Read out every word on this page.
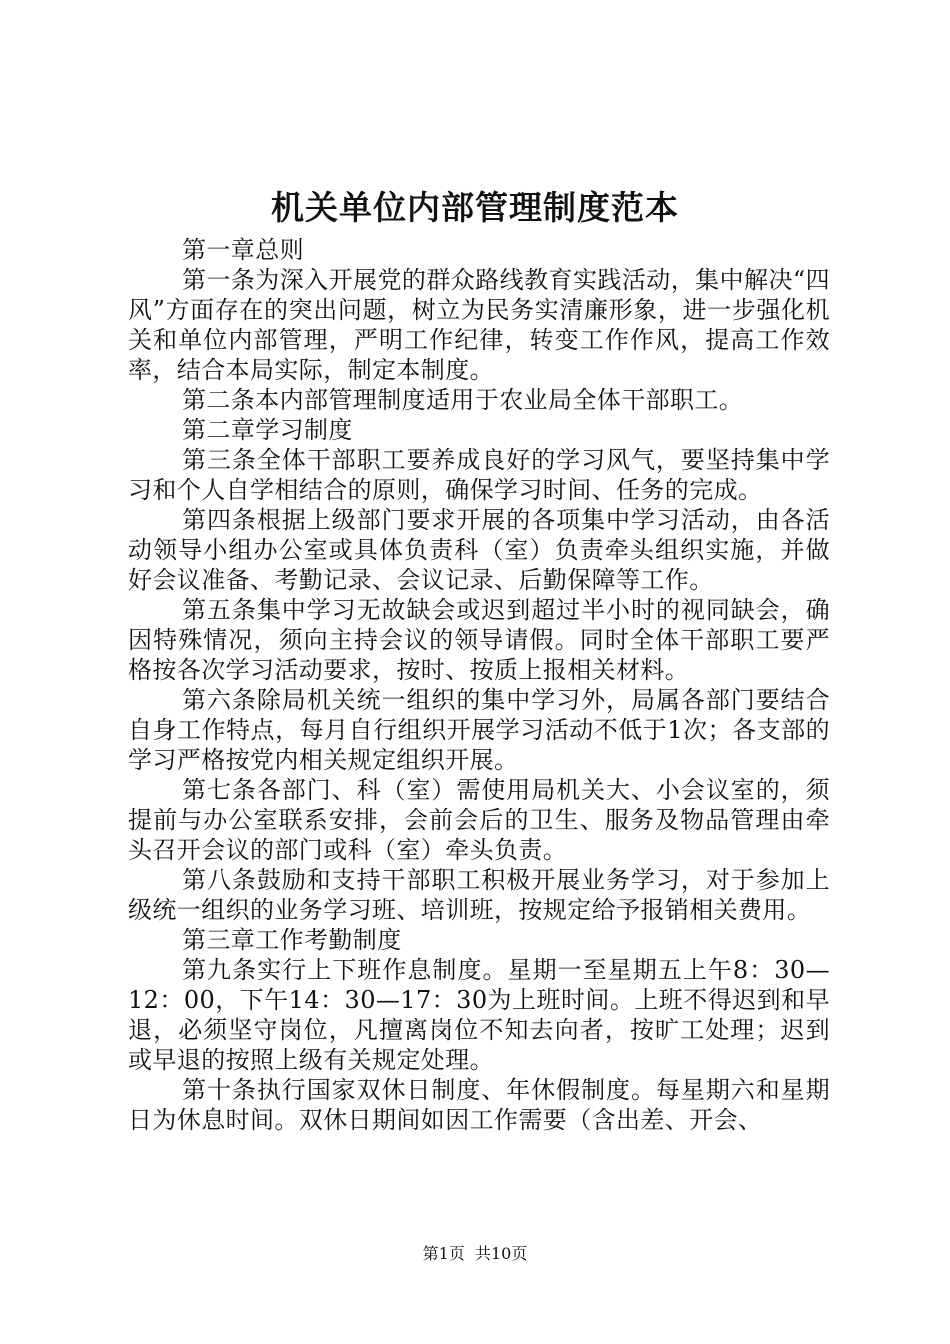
机关单位内部管理制度范本

第一章总则

第一条为深入开展党的群众路线教育实践活动，集中解决“四风”方面存在的突出问题，树立为民务实清廉形象，进一步强化机关和单位内部管理，严明工作纪律，转变工作作风，提高工作效率，结合本局实际，制定本制度。

第二条本内部管理制度适用于农业局全体干部职工。

第二章学习制度

第三条全体干部职工要养成良好的学习风气，要坚持集中学习和个人自学相结合的原则，确保学习时间、任务的完成。

第四条根据上级部门要求开展的各项集中学习活动，由各活动领导小组办公室或具体负责科（室）负责牵头组织实施，并做好会议准备、考勤记录、会议记录、后勤保障等工作。

第五条集中学习无故缺会或迟到超过半小时的视同缺会，确因特殊情况，须向主持会议的领导请假。同时全体干部职工要严格按各次学习活动要求，按时、按质上报相关材料。

第六条除局机关统一组织的集中学习外，局属各部门要结合自身工作特点，每月自行组织开展学习活动不低于1次；各支部的学习严格按党内相关规定组织开展。

第七条各部门、科（室）需使用局机关大、小会议室的，须提前与办公室联系安排，会前会后的卫生、服务及物品管理由牵头召开会议的部门或科（室）牵头负责。

第八条鼓励和支持干部职工积极开展业务学习，对于参加上级统一组织的业务学习班、培训班，按规定给予报销相关费用。

第三章工作考勤制度

第九条实行上下班作息制度。星期一至星期五上午8：30—12：00，下午14：30—17：30为上班时间。上班不得迟到和早退，必须坚守岗位，凡擅离岗位不知去向者，按旷工处理；迟到或早退的按照上级有关规定处理。

第十条执行国家双休日制度、年休假制度。每星期六和星期日为休息时间。双休日期间如因工作需要（含出差、开会、

第1页  共10页
